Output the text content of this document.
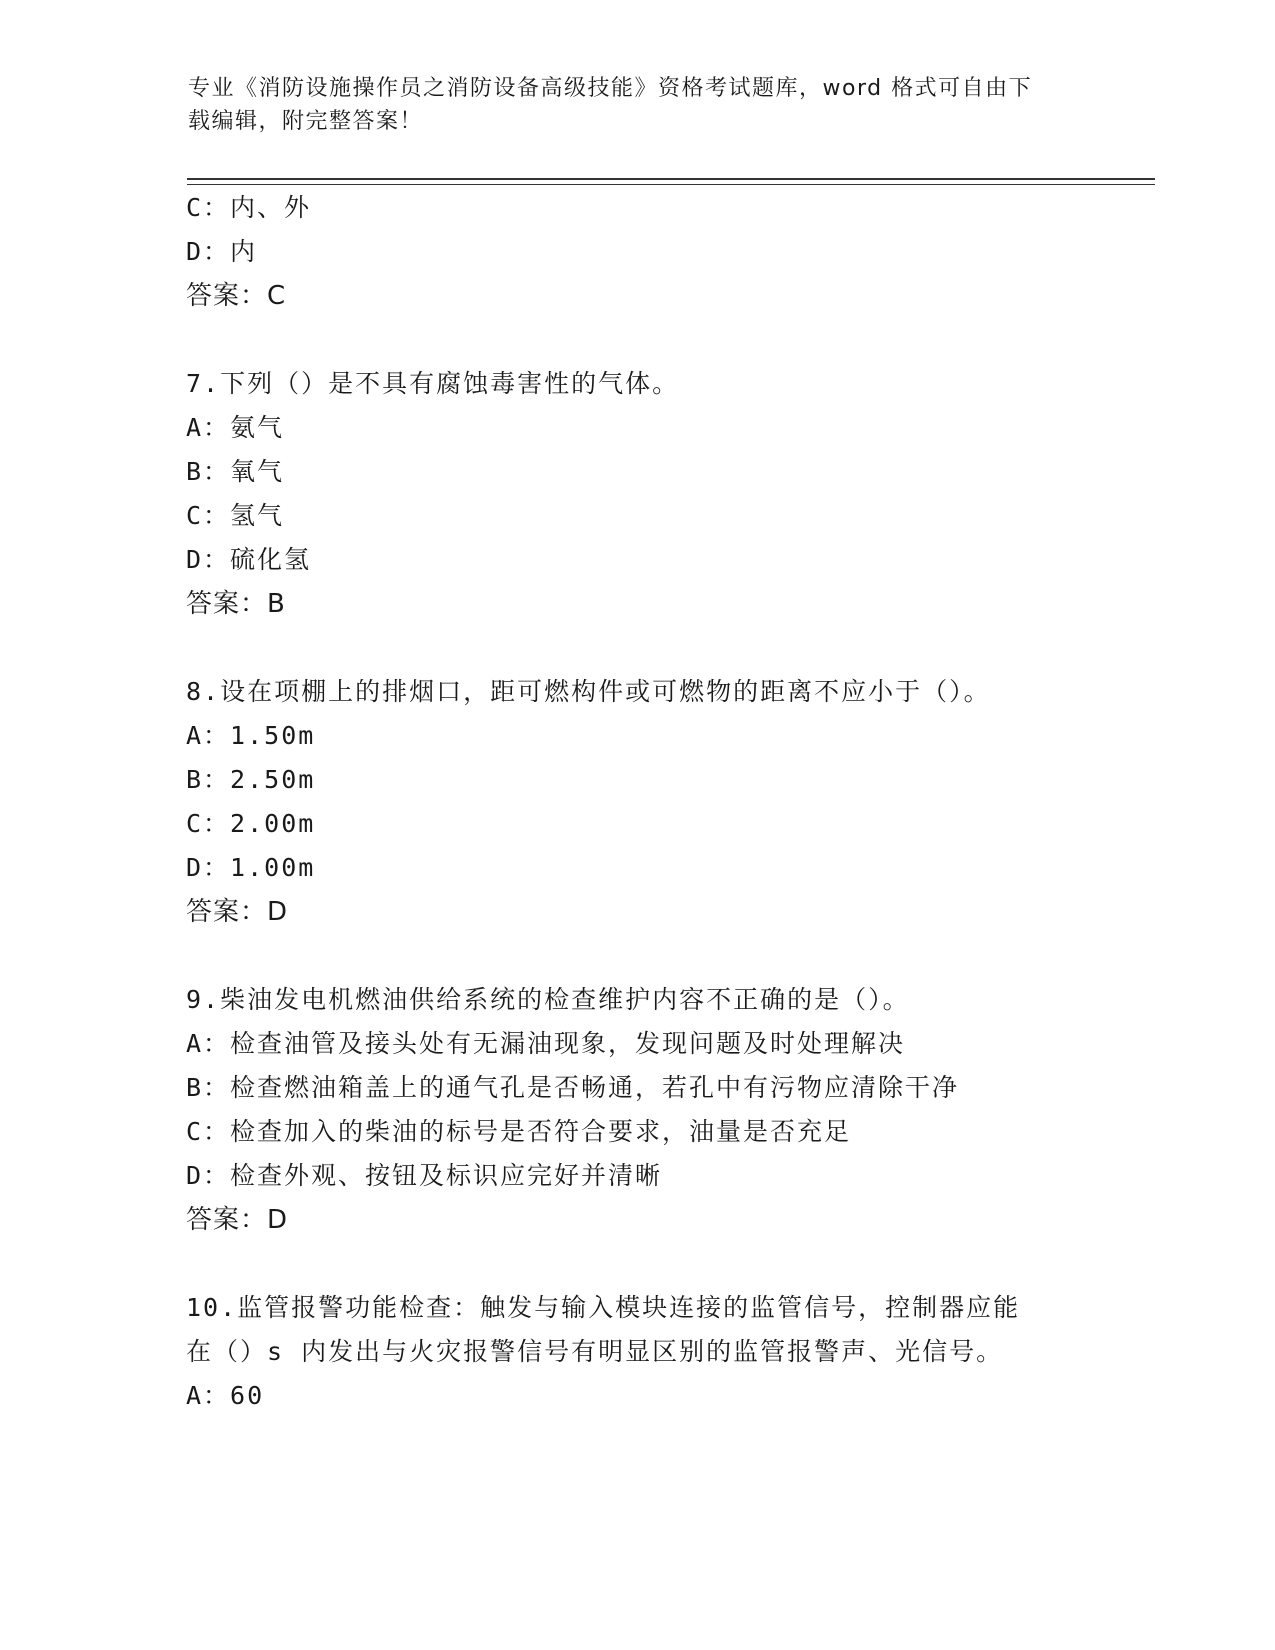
专业《消防设施操作员之消防设备高级技能》资格考试题库，word 格式可自由下
载编辑，附完整答案！
C：内、外
D：内
答案：C
7.下列（）是不具有腐蚀毒害性的气体。
A：氨气
B：氧气
C：氢气
D：硫化氢
答案：B
8.设在项棚上的排烟口，距可燃构件或可燃物的距离不应小于（）。
A：1.50m
B：2.50m
C：2.00m
D：1.00m
答案：D
9.柴油发电机燃油供给系统的检查维护内容不正确的是（）。
A：检查油管及接头处有无漏油现象，发现问题及时处理解决
B：检查燃油箱盖上的通气孔是否畅通，若孔中有污物应清除干净
C：检查加入的柴油的标号是否符合要求，油量是否充足
D：检查外观、按钮及标识应完好并清晰
答案：D
10.监管报警功能检查：触发与输入模块连接的监管信号，控制器应能
在（）s 内发出与火灾报警信号有明显区别的监管报警声、光信号。
A：60
